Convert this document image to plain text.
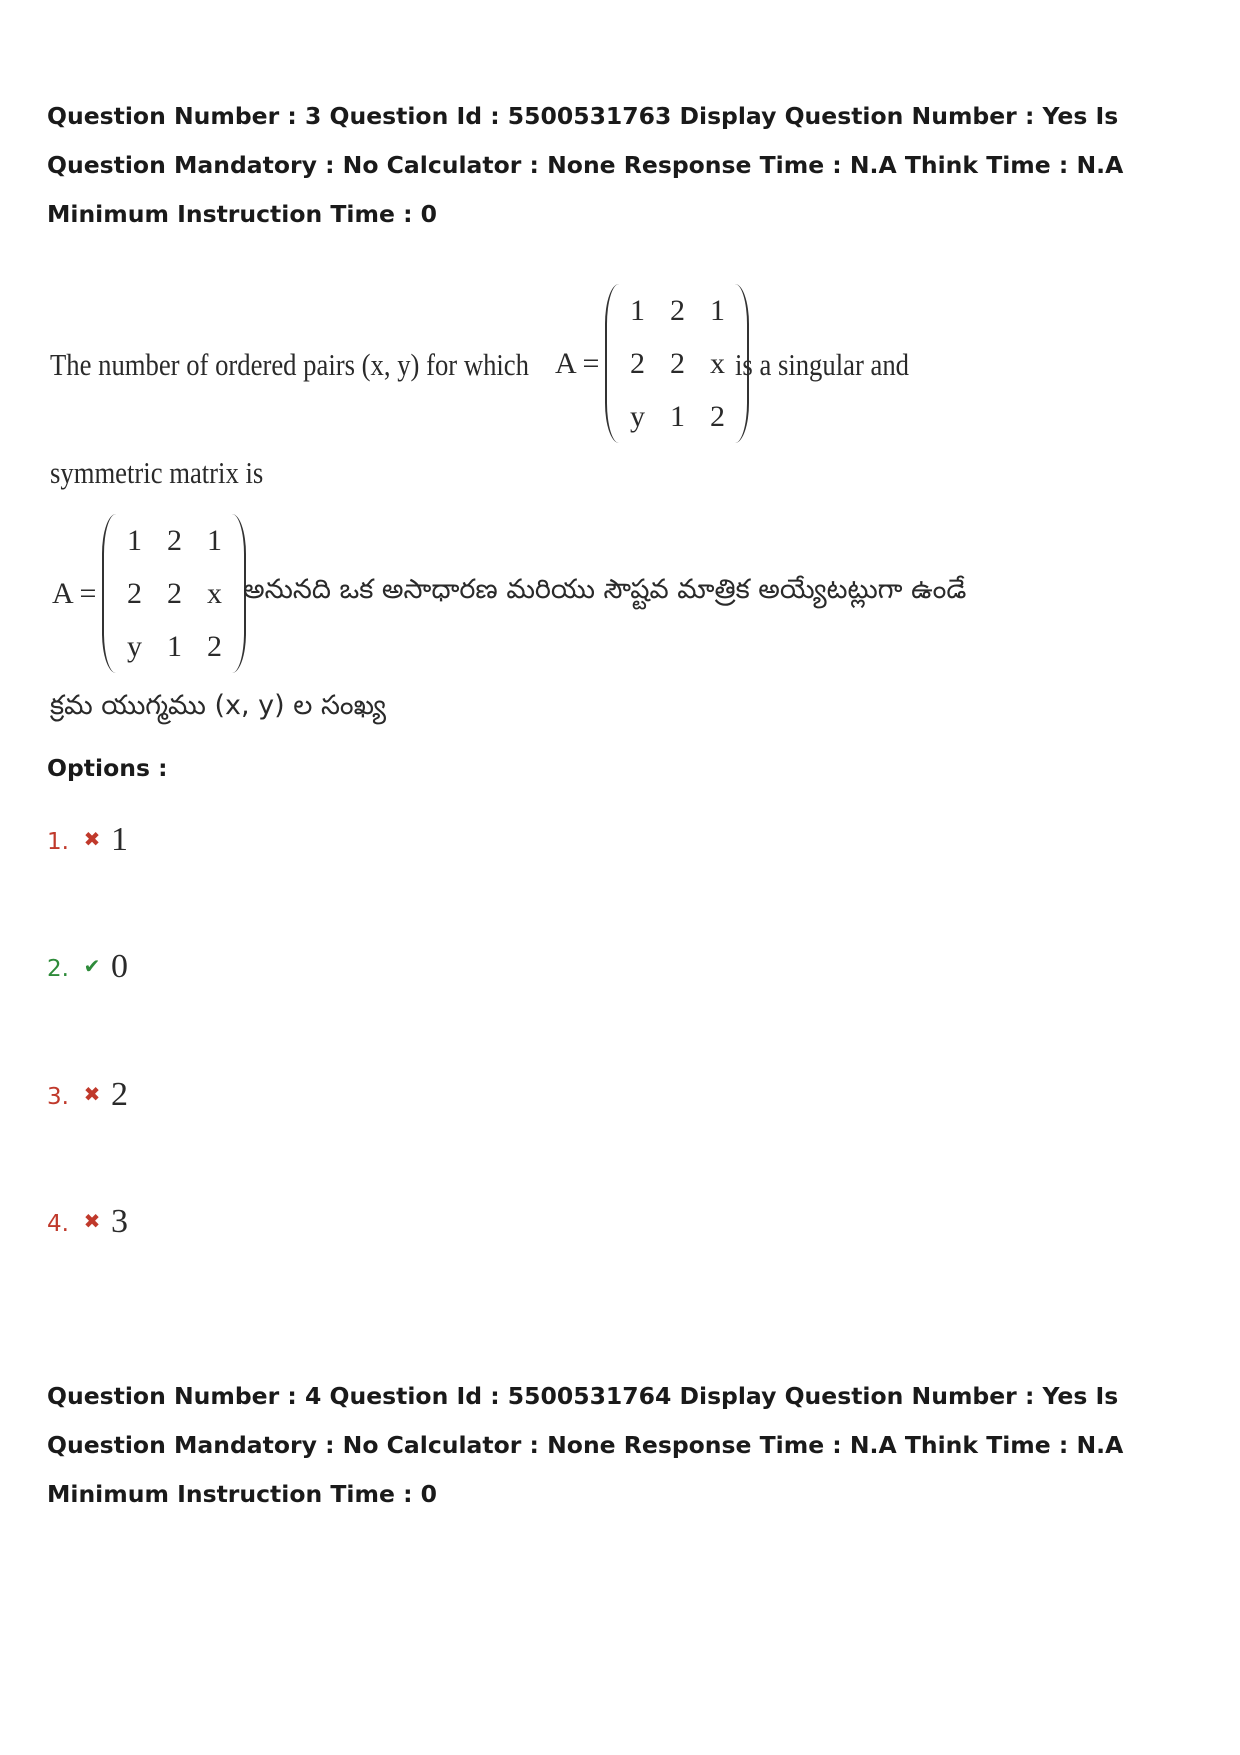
Question Number : 3 Question Id : 5500531763 Display Question Number : Yes Is Question Mandatory : No Calculator : None Response Time : N.A Think Time : N.A Minimum Instruction Time : 0
The number of ordered pairs (x, y) for which A =
1	2	1
2	2	x
y	1	2
is a singular and
symmetric matrix is
A =
1	2	1
2	2	x
y	1	2
అనునది ఒక అసాధారణ మరియు సౌష్టవ మాత్రిక అయ్యేటట్లుగా ఉండే
క్రమ యుగ్మము (x, y) ల సంఖ్య
Options :
1. ✖ 1
2. ✔ 0
3. ✖ 2
4. ✖ 3
Question Number : 4 Question Id : 5500531764 Display Question Number : Yes Is Question Mandatory : No Calculator : None Response Time : N.A Think Time : N.A Minimum Instruction Time : 0
